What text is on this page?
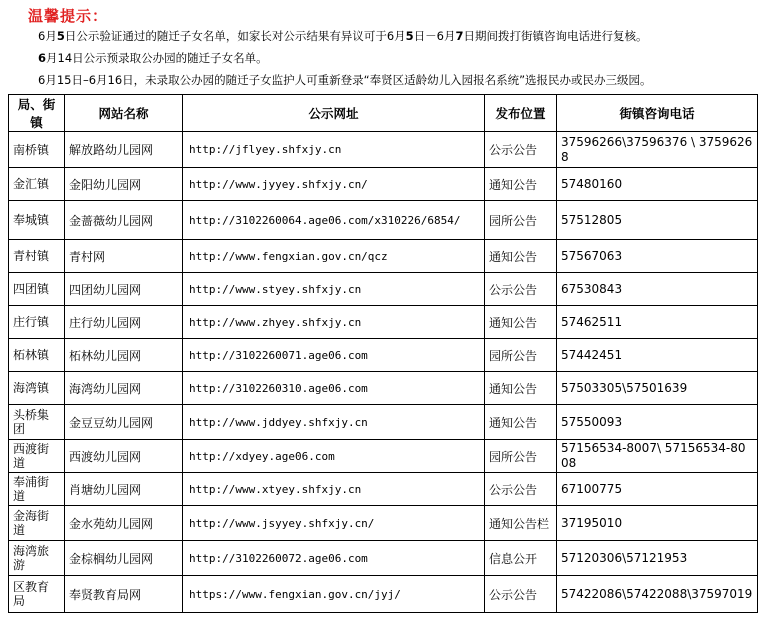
温馨提示：
6月5日公示验证通过的随迁子女名单，如家长对公示结果有异议可于6月5日－6月7日期间拨打街镇咨询电话进行复核。
6月14日公示预录取公办园的随迁子女名单。
6月15日–6月16日，未录取公办园的随迁子女监护人可重新登录“奉贤区适龄幼儿入园报名系统”选报民办或民办三级园。
局、街镇	网站名称	公示网址	发布位置	街镇咨询电话
南桥镇	解放路幼儿园网	http://jflyey.shfxjy.cn	公示公告	37596266\37596376 \ 37596268
金汇镇	金阳幼儿园网	http://www.jyyey.shfxjy.cn/	通知公告	57480160
奉城镇	金蔷薇幼儿园网	http://3102260064.age06.com/x310226/6854/	园所公告	57512805
青村镇	青村网	http://www.fengxian.gov.cn/qcz	通知公告	57567063
四团镇	四团幼儿园网	http://www.styey.shfxjy.cn	公示公告	67530843
庄行镇	庄行幼儿园网	http://www.zhyey.shfxjy.cn	通知公告	57462511
柘林镇	柘林幼儿园网	http://3102260071.age06.com	园所公告	57442451
海湾镇	海湾幼儿园网	http://3102260310.age06.com	通知公告	57503305\57501639
头桥集团	金豆豆幼儿园网	http://www.jddyey.shfxjy.cn	通知公告	57550093
西渡街道	西渡幼儿园网	http://xdyey.age06.com	园所公告	57156534-8007\ 57156534-8008
奉浦街道	肖塘幼儿园网	http://www.xtyey.shfxjy.cn	公示公告	67100775
金海街道	金水苑幼儿园网	http://www.jsyyey.shfxjy.cn/	通知公告栏	37195010
海湾旅游	金棕榈幼儿园网	http://3102260072.age06.com	信息公开	57120306\57121953
区教育局	奉贤教育局网	https://www.fengxian.gov.cn/jyj/	公示公告	57422086\57422088\37597019
